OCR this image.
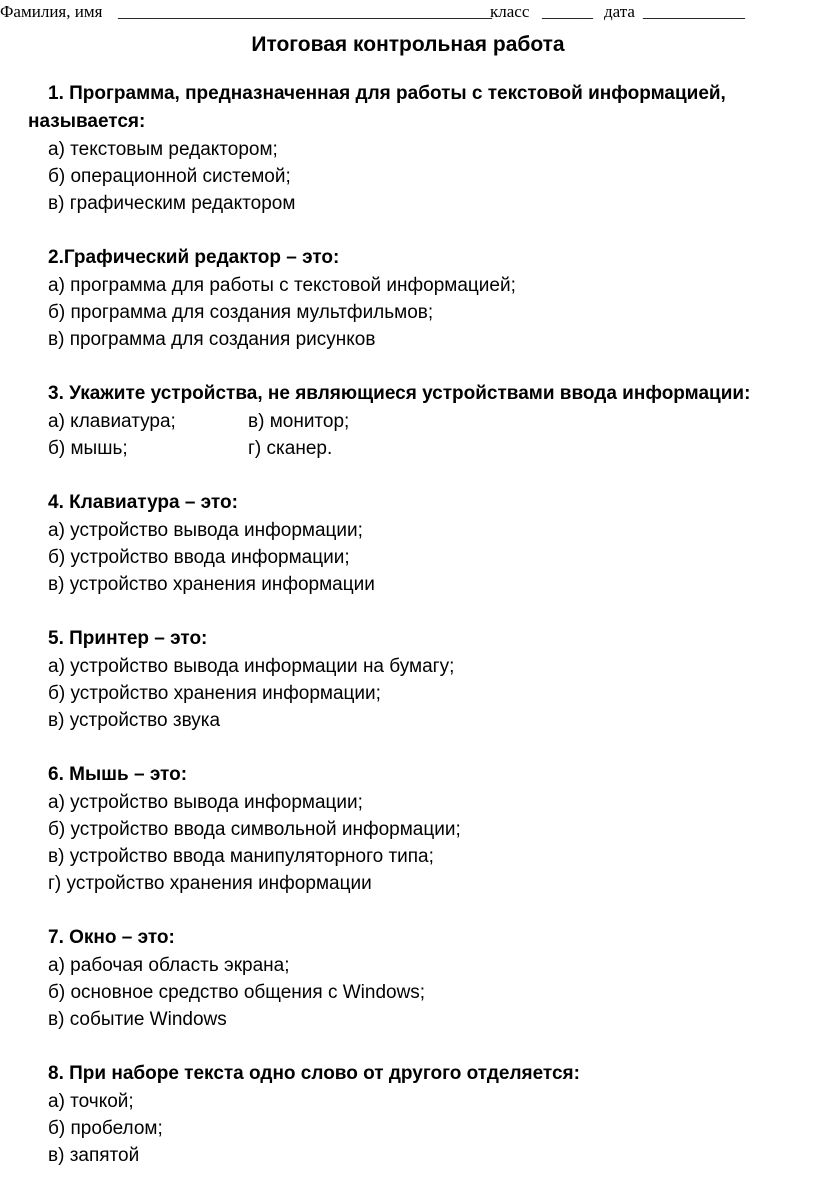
Фамилия, имя ____________________________________________
класс ______ дата ____________
Итоговая контрольная работа

1. Программа, предназначенная для работы с текстовой информацией, называется:

а) текстовым редактором;

б) операционной системой;

в) графическим редактором

2.Графический редактор – это:

а) программа для работы с текстовой информацией;

б) программа для создания мультфильмов;

в) программа для создания рисунков

3. Укажите устройства, не являющиеся устройствами ввода информации:

а) клавиатура;	в) монитор;
б) мышь;	г) сканер.

4. Клавиатура – это:

а) устройство вывода информации;

б) устройство ввода информации;

в) устройство хранения информации

5. Принтер – это:

а) устройство вывода информации на бумагу;

б) устройство хранения информации;

в) устройство звука

6. Мышь – это:

а) устройство вывода информации;

б) устройство ввода символьной информации;

в) устройство ввода манипуляторного типа;

г) устройство хранения информации

7. Окно – это:

а) рабочая область экрана;

б) основное средство общения с Windows;

в) событие Windows

8. При наборе текста одно слово от другого отделяется:

а) точкой;

б) пробелом;

в) запятой
